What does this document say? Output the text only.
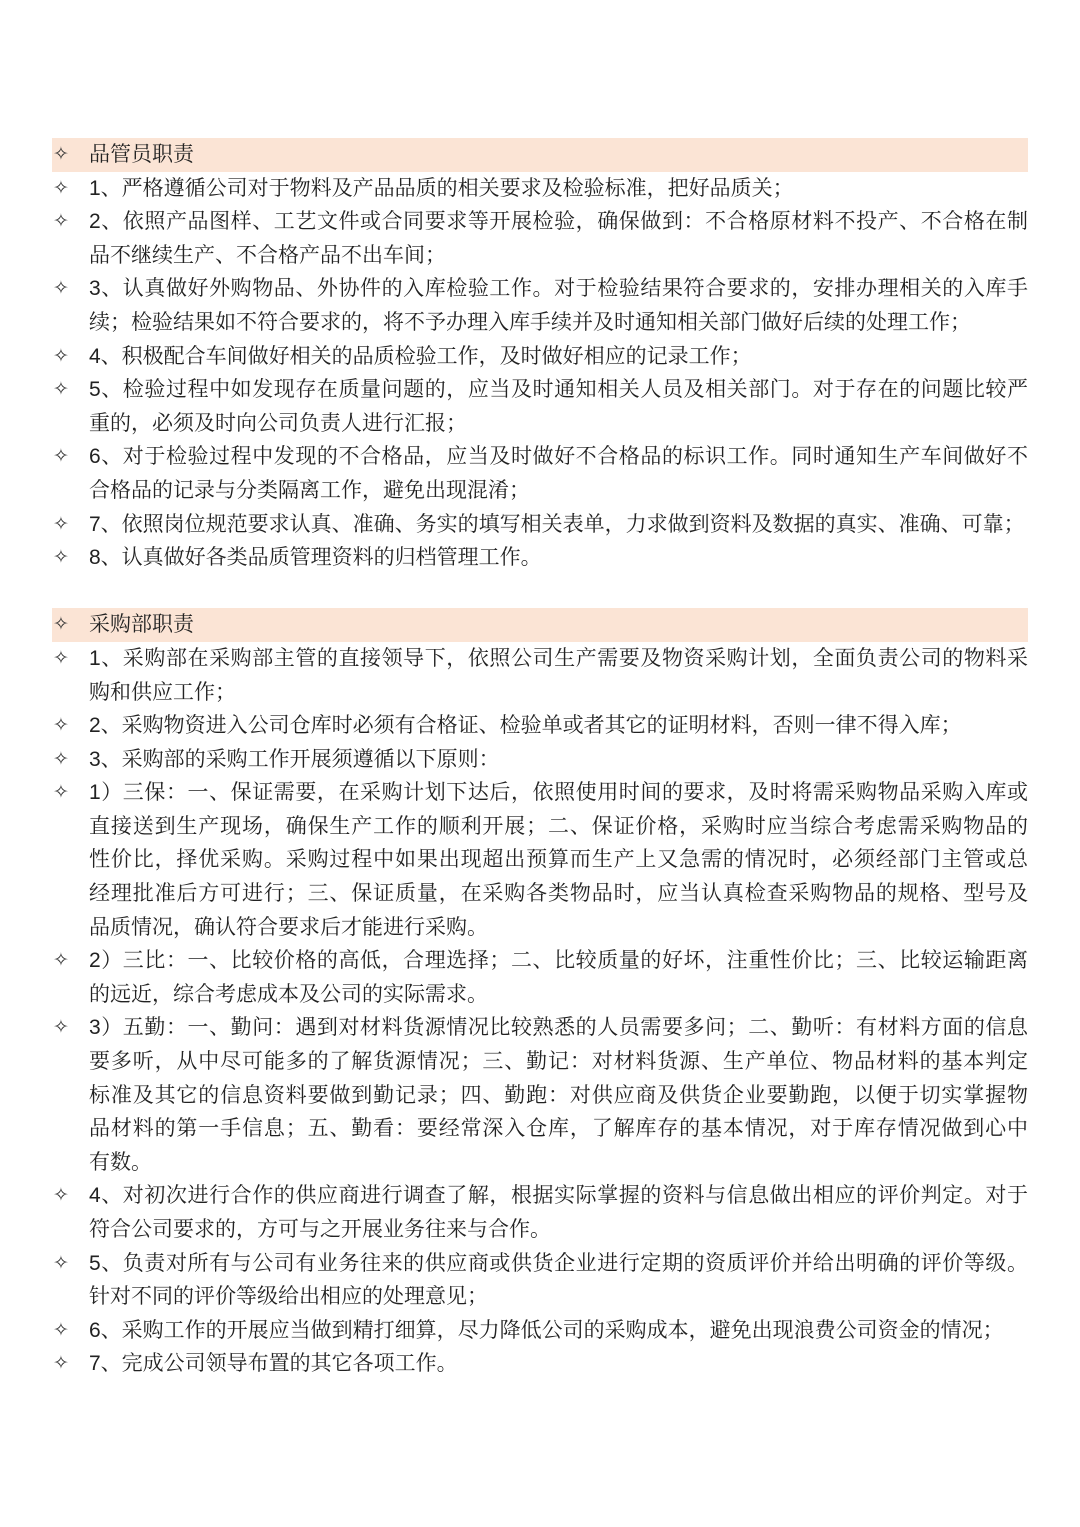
✧
品管员职责
✧
1、严格遵循公司对于物料及产品品质的相关要求及检验标准，把好品质关；
✧
2、依照产品图样、工艺文件或合同要求等开展检验，确保做到：不合格原材料不投产、不合格在制
品不继续生产、不合格产品不出车间；
✧
3、认真做好外购物品、外协件的入库检验工作。对于检验结果符合要求的，安排办理相关的入库手
续；检验结果如不符合要求的，将不予办理入库手续并及时通知相关部门做好后续的处理工作；
✧
4、积极配合车间做好相关的品质检验工作，及时做好相应的记录工作；
✧
5、检验过程中如发现存在质量问题的，应当及时通知相关人员及相关部门。对于存在的问题比较严
重的，必须及时向公司负责人进行汇报；
✧
6、对于检验过程中发现的不合格品，应当及时做好不合格品的标识工作。同时通知生产车间做好不
合格品的记录与分类隔离工作，避免出现混淆；
✧
7、依照岗位规范要求认真、准确、务实的填写相关表单，力求做到资料及数据的真实、准确、可靠；
✧
8、认真做好各类品质管理资料的归档管理工作。
✧
采购部职责
✧
1、采购部在采购部主管的直接领导下，依照公司生产需要及物资采购计划，全面负责公司的物料采
购和供应工作；
✧
2、采购物资进入公司仓库时必须有合格证、检验单或者其它的证明材料，否则一律不得入库；
✧
3、采购部的采购工作开展须遵循以下原则：
✧
1）三保：一、保证需要，在采购计划下达后，依照使用时间的要求，及时将需采购物品采购入库或
直接送到生产现场，确保生产工作的顺利开展；二、保证价格，采购时应当综合考虑需采购物品的
性价比，择优采购。采购过程中如果出现超出预算而生产上又急需的情况时，必须经部门主管或总
经理批准后方可进行；三、保证质量，在采购各类物品时，应当认真检查采购物品的规格、型号及
品质情况，确认符合要求后才能进行采购。
✧
2）三比：一、比较价格的高低，合理选择；二、比较质量的好坏，注重性价比；三、比较运输距离
的远近，综合考虑成本及公司的实际需求。
✧
3）五勤：一、勤问：遇到对材料货源情况比较熟悉的人员需要多问；二、勤听：有材料方面的信息
要多听，从中尽可能多的了解货源情况；三、勤记：对材料货源、生产单位、物品材料的基本判定
标准及其它的信息资料要做到勤记录；四、勤跑：对供应商及供货企业要勤跑，以便于切实掌握物
品材料的第一手信息；五、勤看：要经常深入仓库，了解库存的基本情况，对于库存情况做到心中
有数。
✧
4、对初次进行合作的供应商进行调查了解，根据实际掌握的资料与信息做出相应的评价判定。对于
符合公司要求的，方可与之开展业务往来与合作。
✧
5、负责对所有与公司有业务往来的供应商或供货企业进行定期的资质评价并给出明确的评价等级。
针对不同的评价等级给出相应的处理意见；
✧
6、采购工作的开展应当做到精打细算，尽力降低公司的采购成本，避免出现浪费公司资金的情况；
✧
7、完成公司领导布置的其它各项工作。
